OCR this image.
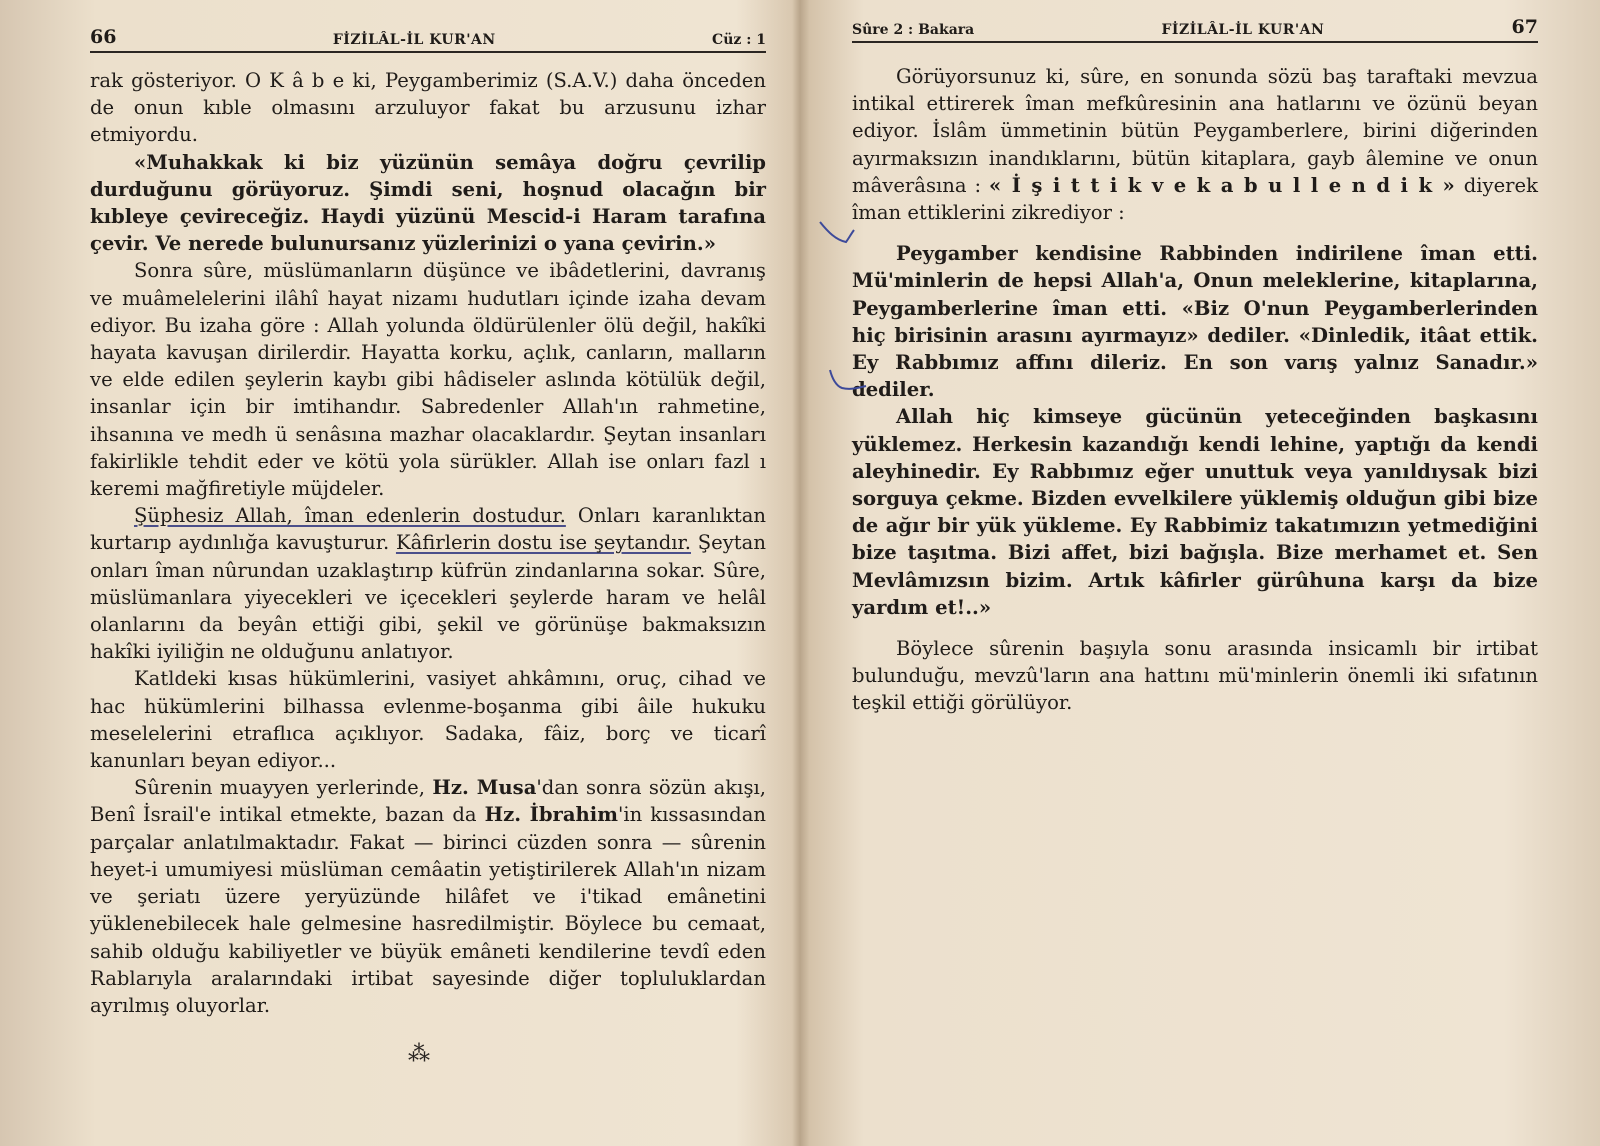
66	FİZİLÂL-İL KUR'AN	Cüz : 1

rak gösteriyor. O K â b e ki, Peygamberimiz (S.A.V.) daha önceden de onun kıble olmasını arzuluyor fakat bu arzusunu izhar etmiyordu.

«Muhakkak ki biz yüzünün semâya doğru çevrilip durduğunu görüyoruz. Şimdi seni, hoşnud olacağın bir kıbleye çevireceğiz. Haydi yüzünü Mescid-i Haram tarafına çevir. Ve nerede bulunursanız yüzlerinizi o yana çevirin.»

Sonra sûre, müslümanların düşünce ve ibâdetlerini, davranış ve muâmelelerini ilâhî hayat nizamı hudutları içinde izaha devam ediyor. Bu izaha göre : Allah yolunda öldürülenler ölü değil, hakîki hayata kavuşan dirilerdir. Hayatta korku, açlık, canların, malların ve elde edilen şeylerin kaybı gibi hâdiseler aslında kötülük değil, insanlar için bir imtihandır. Sabredenler Allah'ın rahmetine, ihsanına ve medh ü senâsına mazhar olacaklardır. Şeytan insanları fakirlikle tehdit eder ve kötü yola sürükler. Allah ise onları fazl ı keremi mağfiretiyle müjdeler.

Şüphesiz Allah, îman edenlerin dostudur. Onları karanlıktan kurtarıp aydınlığa kavuşturur. Kâfirlerin dostu ise şeytandır. Şeytan onları îman nûrundan uzaklaştırıp küfrün zindanlarına sokar. Sûre, müslümanlara yiyecekleri ve içecekleri şeylerde haram ve helâl olanlarını da beyân ettiği gibi, şekil ve görünüşe bakmaksızın hakîki iyiliğin ne olduğunu anlatıyor.

Katldeki kısas hükümlerini, vasiyet ahkâmını, oruç, cihad ve hac hükümlerini bilhassa evlenme-boşanma gibi âile hukuku meselelerini etraflıca açıklıyor. Sadaka, fâiz, borç ve ticarî kanunları beyan ediyor...

Sûrenin muayyen yerlerinde, Hz. Musa'dan sonra sözün akışı, Benî İsrail'e intikal etmekte, bazan da Hz. İbrahim'in kıssasından parçalar anlatılmaktadır. Fakat — birinci cüzden sonra — sûrenin heyet-i umumiyesi müslüman cemâatin yetiştirilerek Allah'ın nizam ve şeriatı üzere yeryüzünde hilâfet ve i'tikad emânetini yüklenebilecek hale gelmesine hasredilmiştir. Böylece bu cemaat, sahib olduğu kabiliyetler ve büyük emâneti kendilerine tevdî eden Rablarıyla aralarındaki irtibat sayesinde diğer topluluklardan ayrılmış oluyorlar.

⁂
Sûre 2 : Bakara	FİZİLÂL-İL KUR'AN	67

Görüyorsunuz ki, sûre, en sonunda sözü baş taraftaki mevzua intikal ettirerek îman mefkûresinin ana hatlarını ve özünü beyan ediyor. İslâm ümmetinin bütün Peygamberlere, birini diğerinden ayırmaksızın inandıklarını, bütün kitaplara, gayb âlemine ve onun mâverâsına : « İ ş i t t i k v e k a b u l l e n d i k » diyerek îman ettiklerini zikrediyor :

Peygamber kendisine Rabbinden indirilene îman etti. Mü'minlerin de hepsi Allah'a, Onun meleklerine, kitaplarına, Peygamberlerine îman etti. «Biz O'nun Peygamberlerinden hiç birisinin arasını ayırmayız» dediler. «Dinledik, itâat ettik. Ey Rabbımız affını dileriz. En son varış yalnız Sanadır.» dediler.

Allah hiç kimseye gücünün yeteceğinden başkasını yüklemez. Herkesin kazandığı kendi lehine, yaptığı da kendi aleyhinedir. Ey Rabbımız eğer unuttuk veya yanıldıysak bizi sorguya çekme. Bizden evvelkilere yüklemiş olduğun gibi bize de ağır bir yük yükleme. Ey Rabbimiz takatımızın yetmediğini bize taşıtma. Bizi affet, bizi bağışla. Bize merhamet et. Sen Mevlâmızsın bizim. Artık kâfirler gürûhuna karşı da bize yardım et!..»

Böylece sûrenin başıyla sonu arasında insicamlı bir irtibat bulunduğu, mevzû'ların ana hattını mü'minlerin önemli iki sıfatının teşkil ettiği görülüyor.
